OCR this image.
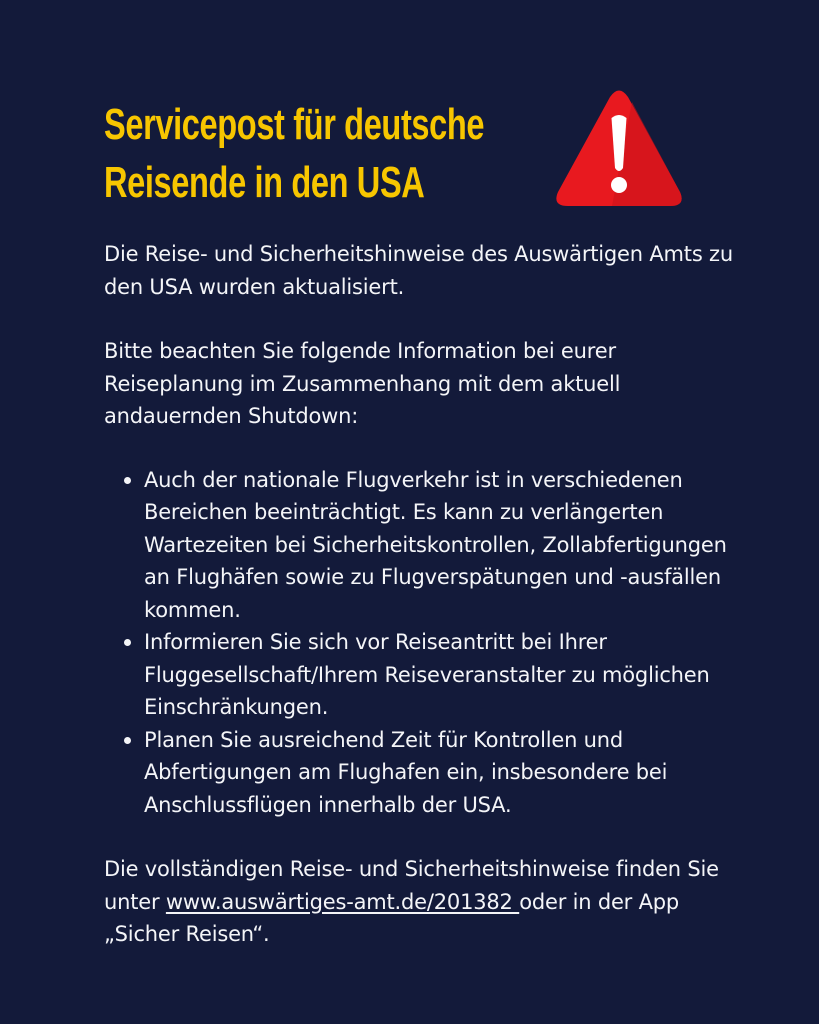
Servicepost für deutsche
Reisende in den USA

Die Reise- und Sicherheitshinweise des Auswärtigen Amts zu den USA wurden aktualisiert.

Bitte beachten Sie folgende Information bei eurer Reiseplanung im Zusammenhang mit dem aktuell andauernden Shutdown:

Auch der nationale Flugverkehr ist in verschiedenen Bereichen beeinträchtigt. Es kann zu verlängerten Wartezeiten bei Sicherheitskontrollen, Zollabfertigungen an Flughäfen sowie zu Flugverspätungen und -ausfällen kommen.
Informieren Sie sich vor Reiseantritt bei Ihrer Fluggesellschaft/Ihrem Reiseveranstalter zu möglichen Einschränkungen.
Planen Sie ausreichend Zeit für Kontrollen und Abfertigungen am Flughafen ein, insbesondere bei Anschlussflügen innerhalb der USA.

Die vollständigen Reise- und Sicherheitshinweise finden Sie unter www.auswärtiges-amt.de/201382 oder in der App „Sicher Reisen“.
